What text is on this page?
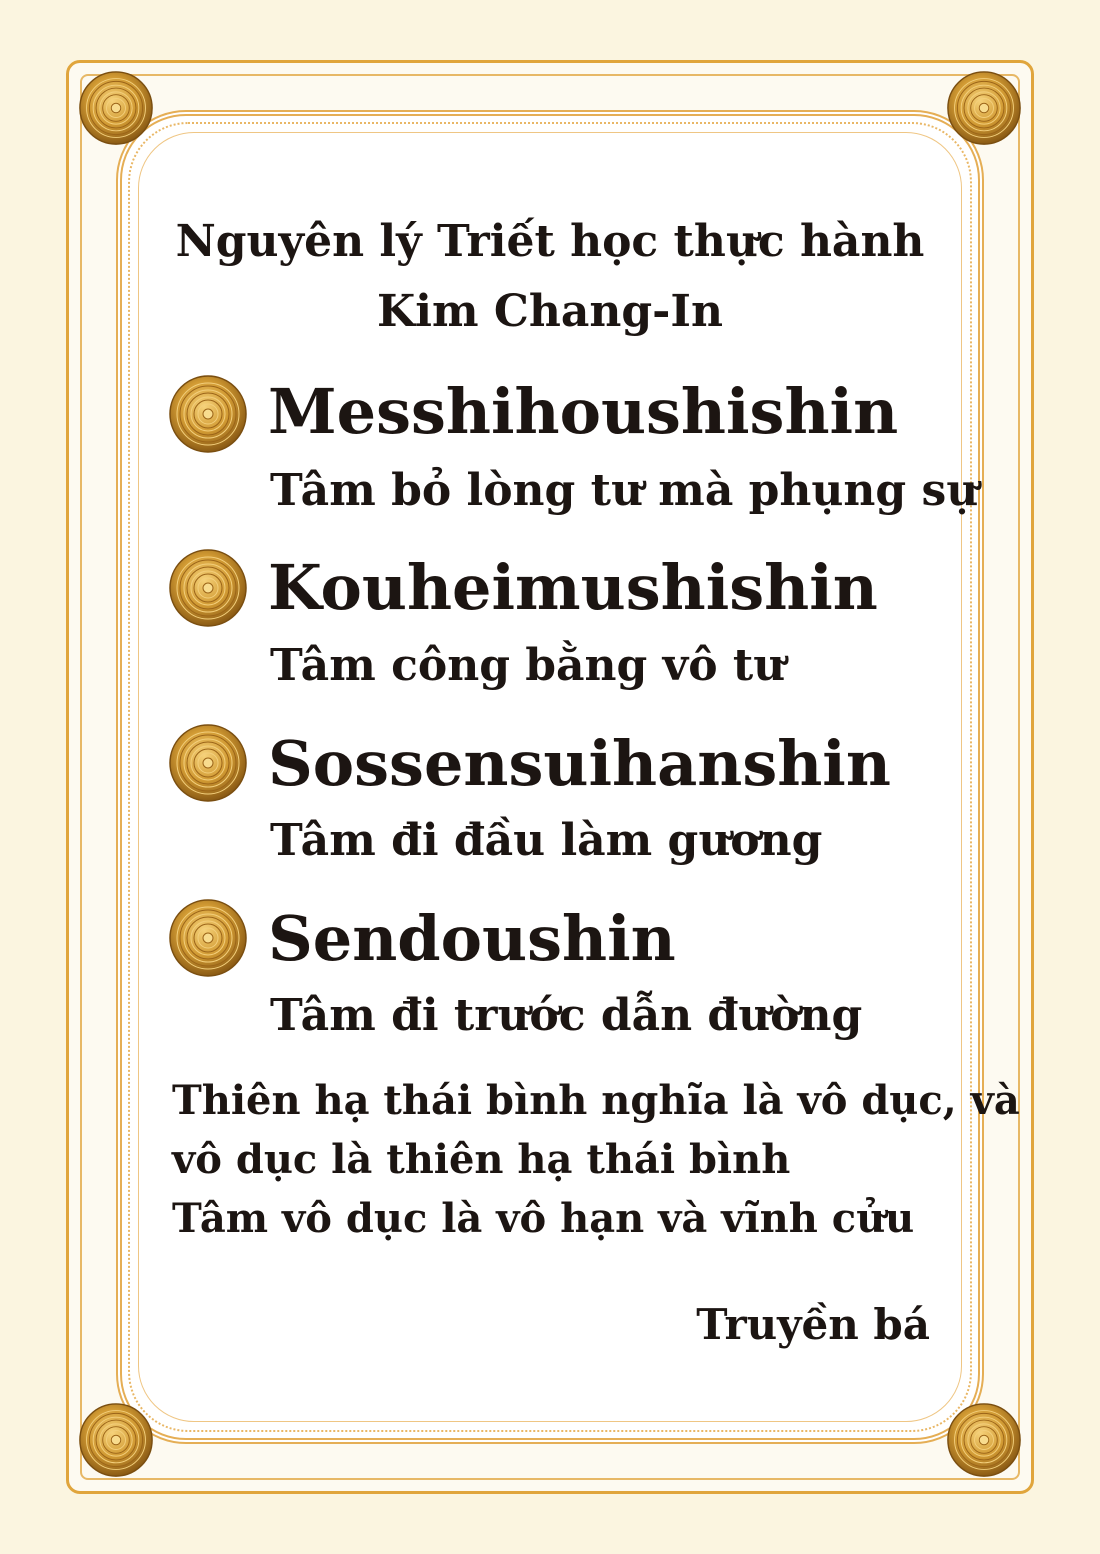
Nguyên lý Triết học thực hành
Kim Chang-In
Messhihoushishin
Tâm bỏ lòng tư mà phụng sự
Kouheimushishin
Tâm công bằng vô tư
Sossensuihanshin
Tâm đi đầu làm gương
Sendoushin
Tâm đi trước dẫn đường
Thiên hạ thái bình nghĩa là vô dục, và
vô dục là thiên hạ thái bình
Tâm vô dục là vô hạn và vĩnh cửu
Truyền bá
